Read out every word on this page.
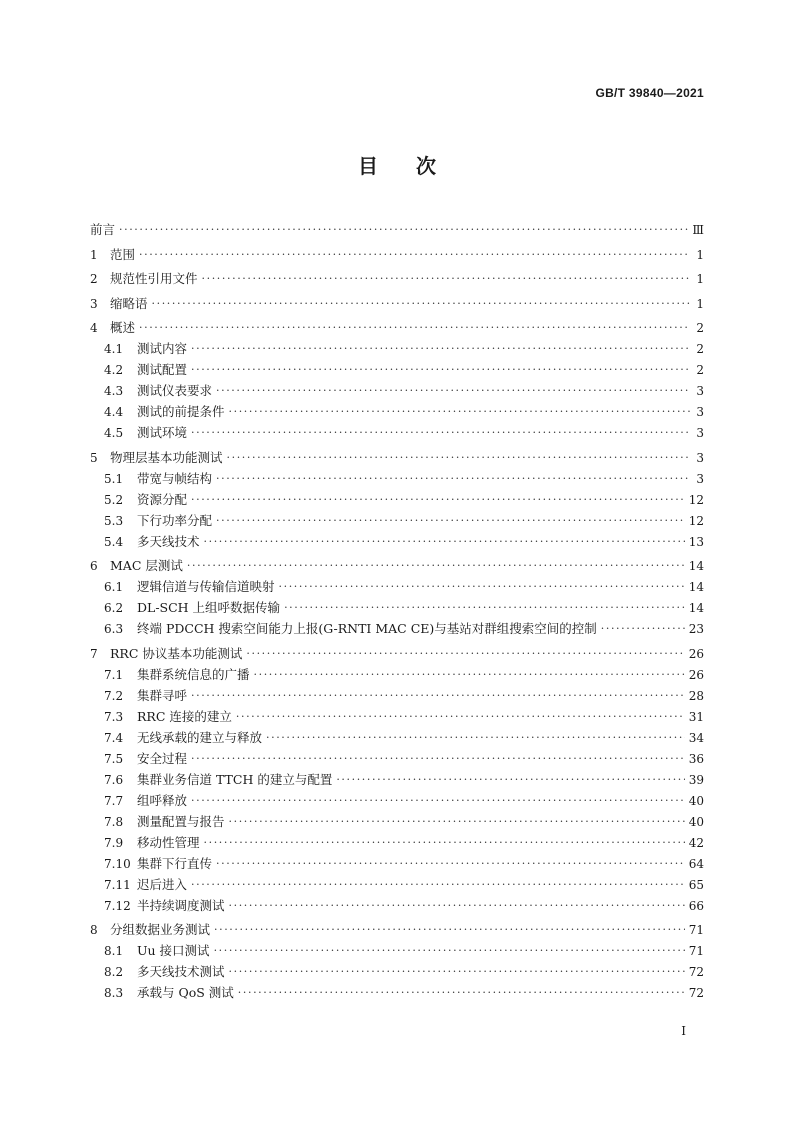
GB/T 39840—2021
目次
前言 ·····	Ⅲ
1 范围 ·····	1
2 规范性引用文件 ·····	1
3 缩略语 ·····	1
4 概述 ·····	2
4.1	测试内容 ·····	2
4.2	测试配置 ·····	2
4.3	测试仪表要求 ·····	3
4.4	测试的前提条件 ·····	3
4.5	测试环境 ·····	3
5 物理层基本功能测试 ·····	3
5.1	带宽与帧结构 ·····	3
5.2	资源分配 ·····	12
5.3	下行功率分配 ·····	12
5.4	多天线技术 ·····	13
6 MAC 层测试 ·····	14
6.1	逻辑信道与传输信道映射 ·····	14
6.2	DL-SCH 上组呼数据传输 ·····	14
6.3	终端 PDCCH 搜索空间能力上报(G-RNTI MAC CE)与基站对群组搜索空间的控制 ·····	23
7 RRC 协议基本功能测试 ·····	26
7.1	集群系统信息的广播 ·····	26
7.2	集群寻呼 ·····	28
7.3	RRC 连接的建立 ·····	31
7.4	无线承载的建立与释放 ·····	34
7.5	安全过程 ·····	36
7.6	集群业务信道 TTCH 的建立与配置 ·····	39
7.7	组呼释放 ·····	40
7.8	测量配置与报告 ·····	40
7.9	移动性管理 ·····	42
7.10 集群下行直传 ·····	64
7.11 迟后进入 ·····	65
7.12 半持续调度测试 ·····	66
8 分组数据业务测试 ·····	71
8.1	Uu 接口测试 ·····	71
8.2	多天线技术测试 ·····	72
8.3	承载与 QoS 测试 ·····	72
I
